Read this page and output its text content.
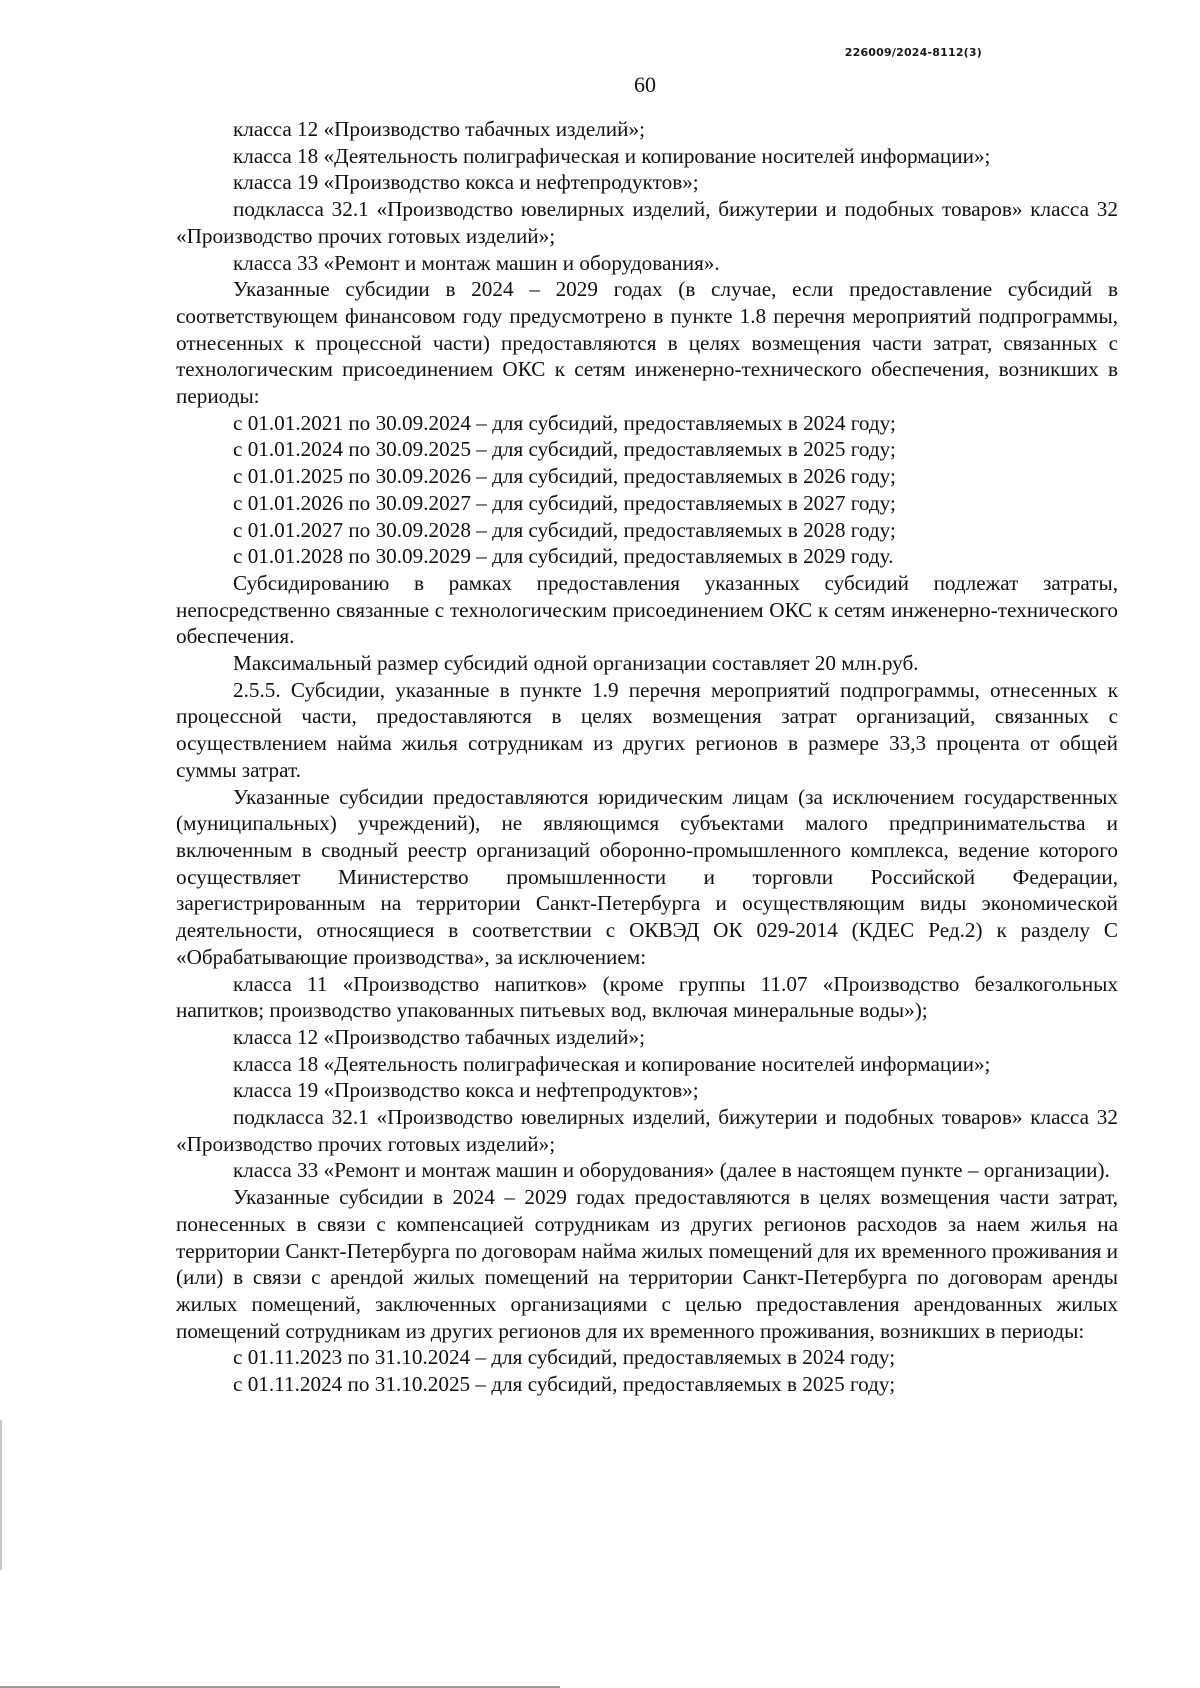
226009/2024-8112(3)
60

класса 12 «Производство табачных изделий»;

класса 18 «Деятельность полиграфическая и копирование носителей информации»;

класса 19 «Производство кокса и нефтепродуктов»;

подкласса 32.1 «Производство ювелирных изделий, бижутерии и подобных товаров» класса 32 «Производство прочих готовых изделий»;

класса 33 «Ремонт и монтаж машин и оборудования».

Указанные субсидии в 2024 – 2029 годах (в случае, если предоставление субсидий в соответствующем финансовом году предусмотрено в пункте 1.8 перечня мероприятий подпрограммы, отнесенных к процессной части) предоставляются в целях возмещения части затрат, связанных с технологическим присоединением ОКС к сетям инженерно-технического обеспечения, возникших в периоды:

с 01.01.2021 по 30.09.2024 – для субсидий, предоставляемых в 2024 году;

с 01.01.2024 по 30.09.2025 – для субсидий, предоставляемых в 2025 году;

с 01.01.2025 по 30.09.2026 – для субсидий, предоставляемых в 2026 году;

с 01.01.2026 по 30.09.2027 – для субсидий, предоставляемых в 2027 году;

с 01.01.2027 по 30.09.2028 – для субсидий, предоставляемых в 2028 году;

с 01.01.2028 по 30.09.2029 – для субсидий, предоставляемых в 2029 году.

Субсидированию в рамках предоставления указанных субсидий подлежат затраты, непосредственно связанные с технологическим присоединением ОКС к сетям инженерно-технического обеспечения.

Максимальный размер субсидий одной организации составляет 20 млн.руб.

2.5.5. Субсидии, указанные в пункте 1.9 перечня мероприятий подпрограммы, отнесенных к процессной части, предоставляются в целях возмещения затрат организаций, связанных с осуществлением найма жилья сотрудникам из других регионов в размере 33,3 процента от общей суммы затрат.

Указанные субсидии предоставляются юридическим лицам (за исключением государственных (муниципальных) учреждений), не являющимся субъектами малого предпринимательства и включенным в сводный реестр организаций оборонно-промышленного комплекса, ведение которого осуществляет Министерство промышленности и торговли Российской Федерации, зарегистрированным на территории Санкт-Петербурга и осуществляющим виды экономической деятельности, относящиеся в соответствии с ОКВЭД ОК 029-2014 (КДЕС Ред.2) к разделу С «Обрабатывающие производства», за исключением:

класса 11 «Производство напитков» (кроме группы 11.07 «Производство безалкогольных напитков; производство упакованных питьевых вод, включая минеральные воды»);

класса 12 «Производство табачных изделий»;

класса 18 «Деятельность полиграфическая и копирование носителей информации»;

класса 19 «Производство кокса и нефтепродуктов»;

подкласса 32.1 «Производство ювелирных изделий, бижутерии и подобных товаров» класса 32 «Производство прочих готовых изделий»;

класса 33 «Ремонт и монтаж машин и оборудования» (далее в настоящем пункте – организации).

Указанные субсидии в 2024 – 2029 годах предоставляются в целях возмещения части затрат, понесенных в связи с компенсацией сотрудникам из других регионов расходов за наем жилья на территории Санкт-Петербурга по договорам найма жилых помещений для их временного проживания и (или) в связи с арендой жилых помещений на территории Санкт-Петербурга по договорам аренды жилых помещений, заключенных организациями с целью предоставления арендованных жилых помещений сотрудникам из других регионов для их временного проживания, возникших в периоды:

с 01.11.2023 по 31.10.2024 – для субсидий, предоставляемых в 2024 году;

с 01.11.2024 по 31.10.2025 – для субсидий, предоставляемых в 2025 году;
